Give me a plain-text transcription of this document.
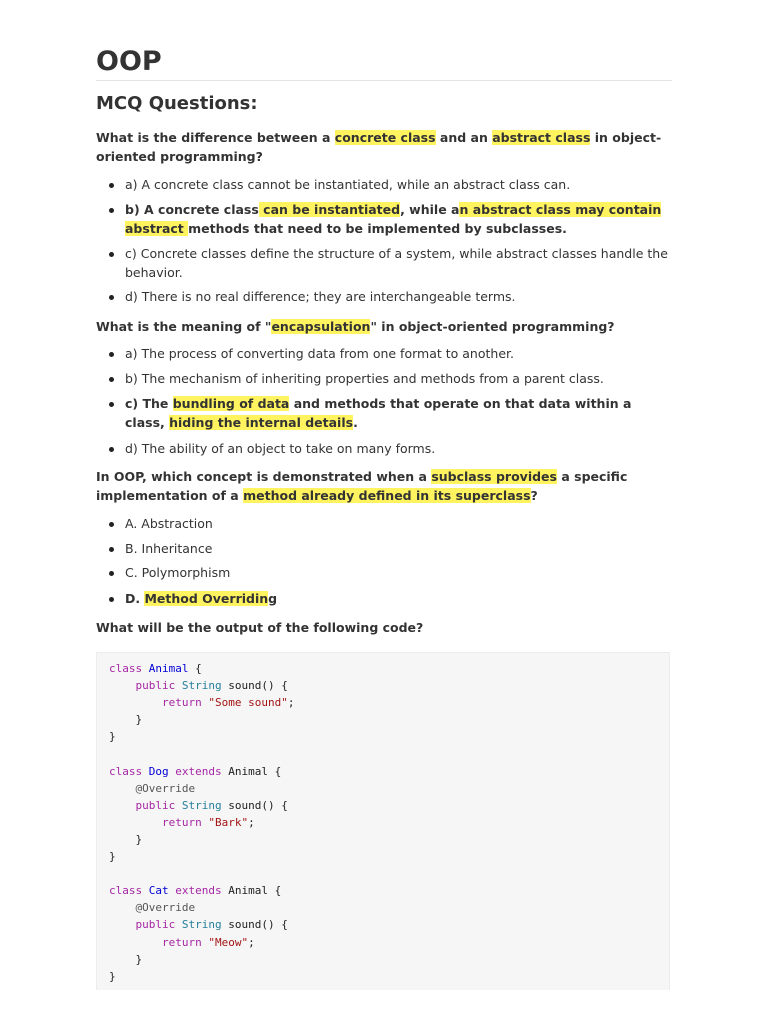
OOP
MCQ Questions:
What is the difference between a concrete class and an abstract class in object-oriented programming?
a) A concrete class cannot be instantiated, while an abstract class can.
b) A concrete class can be instantiated, while an abstract class may contain abstract methods that need to be implemented by subclasses.
c) Concrete classes define the structure of a system, while abstract classes handle the behavior.
d) There is no real difference; they are interchangeable terms.
What is the meaning of "encapsulation" in object-oriented programming?
a) The process of converting data from one format to another.
b) The mechanism of inheriting properties and methods from a parent class.
c) The bundling of data and methods that operate on that data within a class, hiding the internal details.
d) The ability of an object to take on many forms.
In OOP, which concept is demonstrated when a subclass provides a specific implementation of a method already defined in its superclass?
A. Abstraction
B. Inheritance
C. Polymorphism
D. Method Overriding
What will be the output of the following code?
class Animal {
public String sound() {
return "Some sound";
}
}

class Dog extends Animal {
@Override
public String sound() {
return "Bark";
}
}

class Cat extends Animal {
@Override
public String sound() {
return "Meow";
}
}
